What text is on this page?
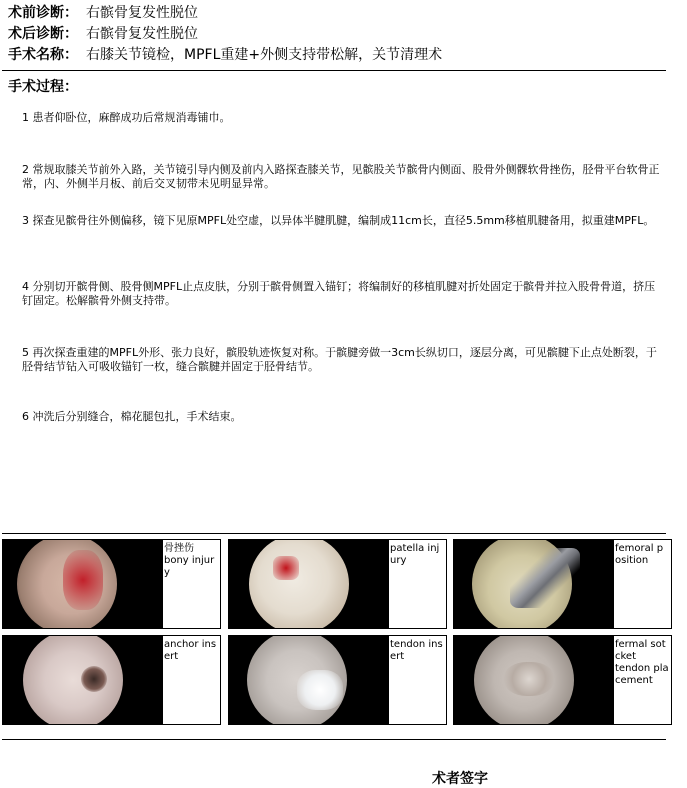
术前诊断： 右髌骨复发性脱位
术后诊断： 右髌骨复发性脱位
手术名称： 右膝关节镜检，MPFL重建+外侧支持带松解，关节清理术
手术过程：
1 患者仰卧位，麻醉成功后常规消毒铺巾。
2 常规取膝关节前外入路，关节镜引导内侧及前内入路探查膝关节，见髌股关节髌骨内侧面、股骨外侧髁软骨挫伤，胫骨平台软骨正常，内、外侧半月板、前后交叉韧带未见明显异常。
3 探查见髌骨往外侧偏移，镜下见原MPFL处空虚，以异体半腱肌腱，编制成11cm长，直径5.5mm移植肌腱备用，拟重建MPFL。
4 分别切开髌骨侧、股骨侧MPFL止点皮肤，分别于髌骨侧置入锚钉；将编制好的移植肌腱对折处固定于髌骨并拉入股骨骨道，挤压钉固定。松解髌骨外侧支持带。
5 再次探查重建的MPFL外形、张力良好，髌股轨迹恢复对称。于髌腱旁做一3cm长纵切口，逐层分离，可见髌腱下止点处断裂，于胫骨结节钻入可吸收锚钉一枚，缝合髌腱并固定于胫骨结节。
6 冲洗后分别缝合，棉花腿包扎，手术结束。
骨挫伤
bony injury
patella injury
femoral position
anchor insert
tendon insert
fermal sotcket
tendon placement
术者签字
